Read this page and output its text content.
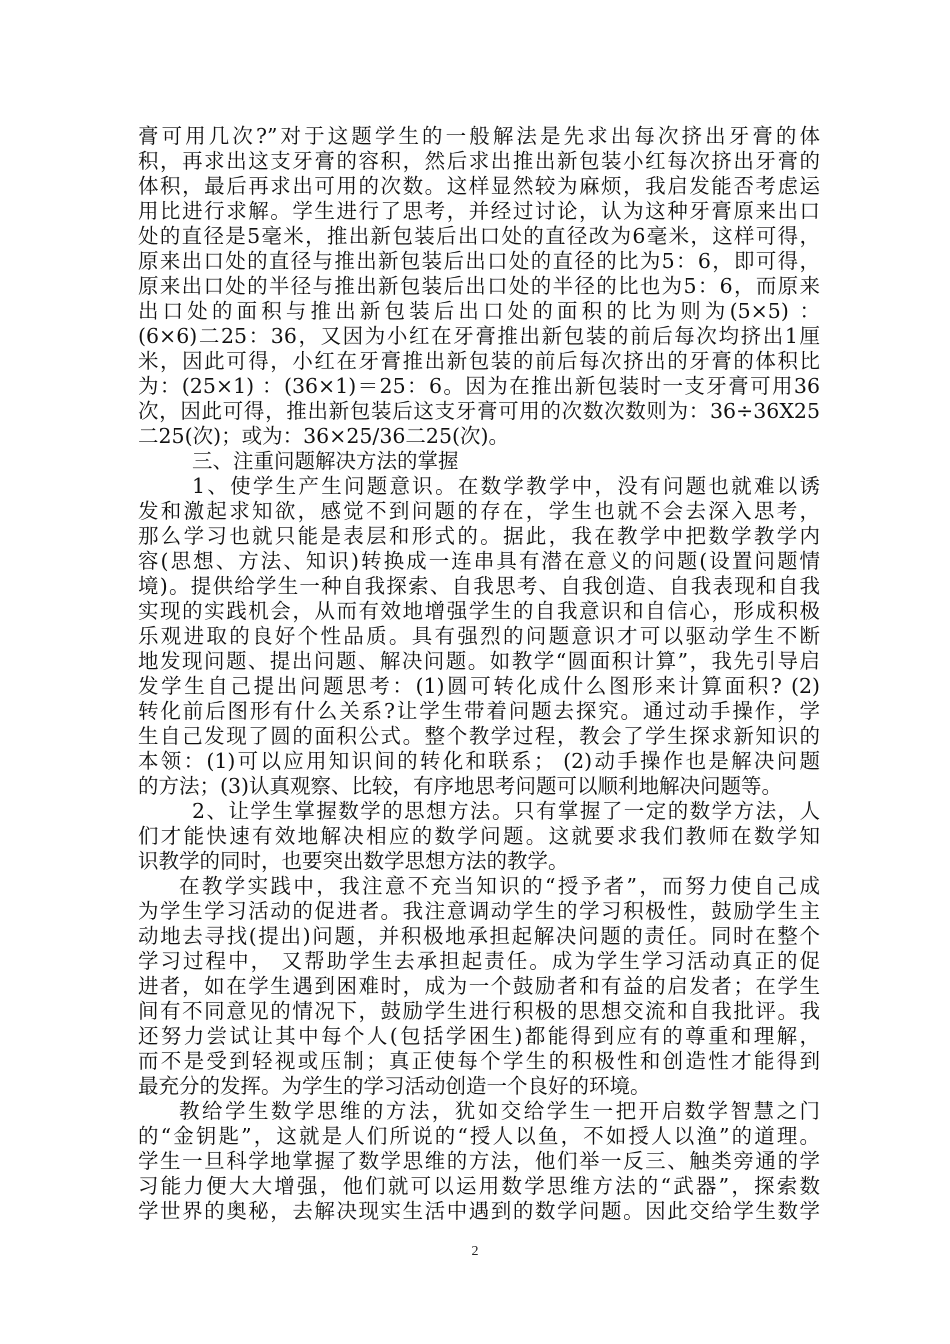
膏可用几次?”对于这题学生的一般解法是先求出每次挤出牙膏的体
积，再求出这支牙膏的容积，然后求出推出新包装小红每次挤出牙膏的
体积，最后再求出可用的次数。这样显然较为麻烦，我启发能否考虑运
用比进行求解。学生进行了思考，并经过讨论，认为这种牙膏原来出口
处的直径是5毫米，推出新包装后出口处的直径改为6毫米，这样可得，
原来出口处的直径与推出新包装后出口处的直径的比为5：6，即可得，
原来出口处的半径与推出新包装后出口处的半径的比也为5：6，而原来
出口处的面积与推出新包装后出口处的面积的比为则为(5×5) ：
(6×6)二25：36，又因为小红在牙膏推出新包装的前后每次均挤出1厘
米，因此可得，小红在牙膏推出新包装的前后每次挤出的牙膏的体积比
为：(25×1) ：(36×1)＝25：6。因为在推出新包装时一支牙膏可用36
次，因此可得，推出新包装后这支牙膏可用的次数次数则为：36÷36X25
二25(次)；或为：36×25/36二25(次)。
三、注重问题解决方法的掌握
1、使学生产生问题意识。在数学教学中，没有问题也就难以诱
发和激起求知欲，感觉不到问题的存在，学生也就不会去深入思考，
那么学习也就只能是表层和形式的。据此，我在教学中把数学教学内
容(思想、方法、知识)转换成一连串具有潜在意义的问题(设置问题情
境)。提供给学生一种自我探索、自我思考、自我创造、自我表现和自我
实现的实践机会，从而有效地增强学生的自我意识和自信心，形成积极
乐观进取的良好个性品质。具有强烈的问题意识才可以驱动学生不断
地发现问题、提出问题、解决问题。如教学“圆面积计算”，我先引导启
发学生自己提出问题思考：(1)圆可转化成什么图形来计算面积? (2)
转化前后图形有什么关系?让学生带着问题去探究。通过动手操作，学
生自己发现了圆的面积公式。整个教学过程，教会了学生探求新知识的
本领：(1)可以应用知识间的转化和联系； (2)动手操作也是解决问题
的方法；(3)认真观察、比较，有序地思考问题可以顺利地解决问题等。
2、让学生掌握数学的思想方法。只有掌握了一定的数学方法，人
们才能快速有效地解决相应的数学问题。这就要求我们教师在数学知
识教学的同时，也要突出数学思想方法的教学。
在教学实践中，我注意不充当知识的“授予者”，而努力使自己成
为学生学习活动的促进者。我注意调动学生的学习积极性，鼓励学生主
动地去寻找(提出)问题，并积极地承担起解决问题的责任。同时在整个
学习过程中， 又帮助学生去承担起责任。成为学生学习活动真正的促
进者，如在学生遇到困难时，成为一个鼓励者和有益的启发者；在学生
间有不同意见的情况下，鼓励学生进行积极的思想交流和自我批评。我
还努力尝试让其中每个人(包括学困生)都能得到应有的尊重和理解，
而不是受到轻视或压制；真正使每个学生的积极性和创造性才能得到
最充分的发挥。为学生的学习活动创造一个良好的环境。
教给学生数学思维的方法，犹如交给学生一把开启数学智慧之门
的“金钥匙”，这就是人们所说的“授人以鱼，不如授人以渔”的道理。
学生一旦科学地掌握了数学思维的方法，他们举一反三、触类旁通的学
习能力便大大增强，他们就可以运用数学思维方法的“武器”，探索数
学世界的奥秘，去解决现实生活中遇到的数学问题。因此交给学生数学
2
